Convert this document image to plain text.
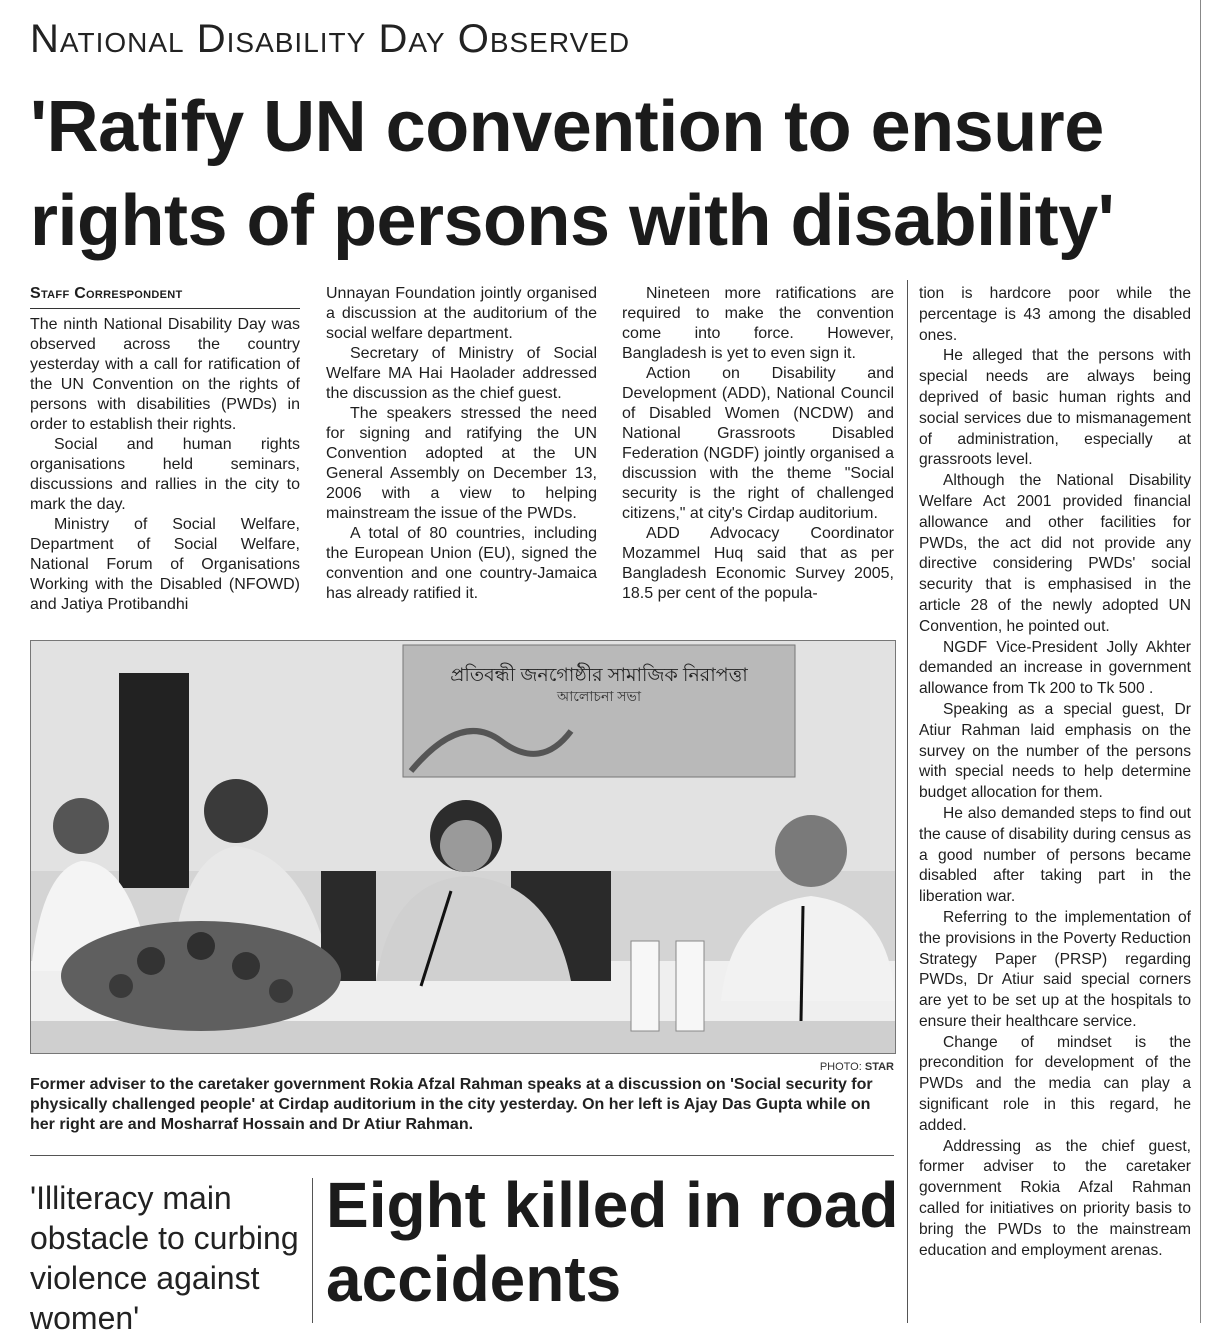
National Disability Day Observed
'Ratify UN convention to ensure rights of persons with disability'
Staff Correspondent

The ninth National Disability Day was observed across the country yesterday with a call for ratification of the UN Convention on the rights of persons with disabilities (PWDs) in order to establish their rights.

Social and human rights organisations held seminars, discussions and rallies in the city to mark the day.

Ministry of Social Welfare, Department of Social Welfare, National Forum of Organisations Working with the Disabled (NFOWD) and Jatiya Protibandhi

Unnayan Foundation jointly organised a discussion at the auditorium of the social welfare department.

Secretary of Ministry of Social Welfare MA Hai Haolader addressed the discussion as the chief guest.

The speakers stressed the need for signing and ratifying the UN Convention adopted at the UN General Assembly on December 13, 2006 with a view to helping mainstream the issue of the PWDs.

A total of 80 countries, including the European Union (EU), signed the convention and one country-Jamaica has already ratified it.

Nineteen more ratifications are required to make the convention come into force. However, Bangladesh is yet to even sign it.

Action on Disability and Development (ADD), National Council of Disabled Women (NCDW) and National Grassroots Disabled Federation (NGDF) jointly organised a discussion with the theme "Social security is the right of challenged citizens," at city's Cirdap auditorium.

ADD Advocacy Coordinator Mozammel Huq said that as per Bangladesh Economic Survey 2005, 18.5 per cent of the popula-

tion is hardcore poor while the percentage is 43 among the disabled ones.

He alleged that the persons with special needs are always being deprived of basic human rights and social services due to mismanagement of administration, especially at grassroots level.

Although the National Disability Welfare Act 2001 provided financial allowance and other facilities for PWDs, the act did not provide any directive considering PWDs' social security that is emphasised in the article 28 of the newly adopted UN Convention, he pointed out.

NGDF Vice-President Jolly Akhter demanded an increase in government allowance from Tk 200 to Tk 500 .

Speaking as a special guest, Dr Atiur Rahman laid emphasis on the survey on the number of the persons with special needs to help determine budget allocation for them.

He also demanded steps to find out the cause of disability during census as a good number of persons became disabled after taking part in the liberation war.

Referring to the implementation of the provisions in the Poverty Reduction Strategy Paper (PRSP) regarding PWDs, Dr Atiur said special corners are yet to be set up at the hospitals to ensure their healthcare service.

Change of mindset is the precondition for development of the PWDs and the media can play a significant role in this regard, he added.

Addressing as the chief guest, former adviser to the caretaker government Rokia Afzal Rahman called for initiatives on priority basis to bring the PWDs to the mainstream education and employment arenas.

প্রতিবন্ধী জনগোষ্ঠীর সামাজিক নিরাপত্তা
আলোচনা সভা
PHOTO: STAR
Former adviser to the caretaker government Rokia Afzal Rahman speaks at a discussion on 'Social security for physically challenged people' at Cirdap auditorium in the city yesterday. On her left is Ajay Das Gupta while on her right are and Mosharraf Hossain and Dr Atiur Rahman.
'Illiteracy main obstacle to curbing violence against women'
Eight killed in road accidents
